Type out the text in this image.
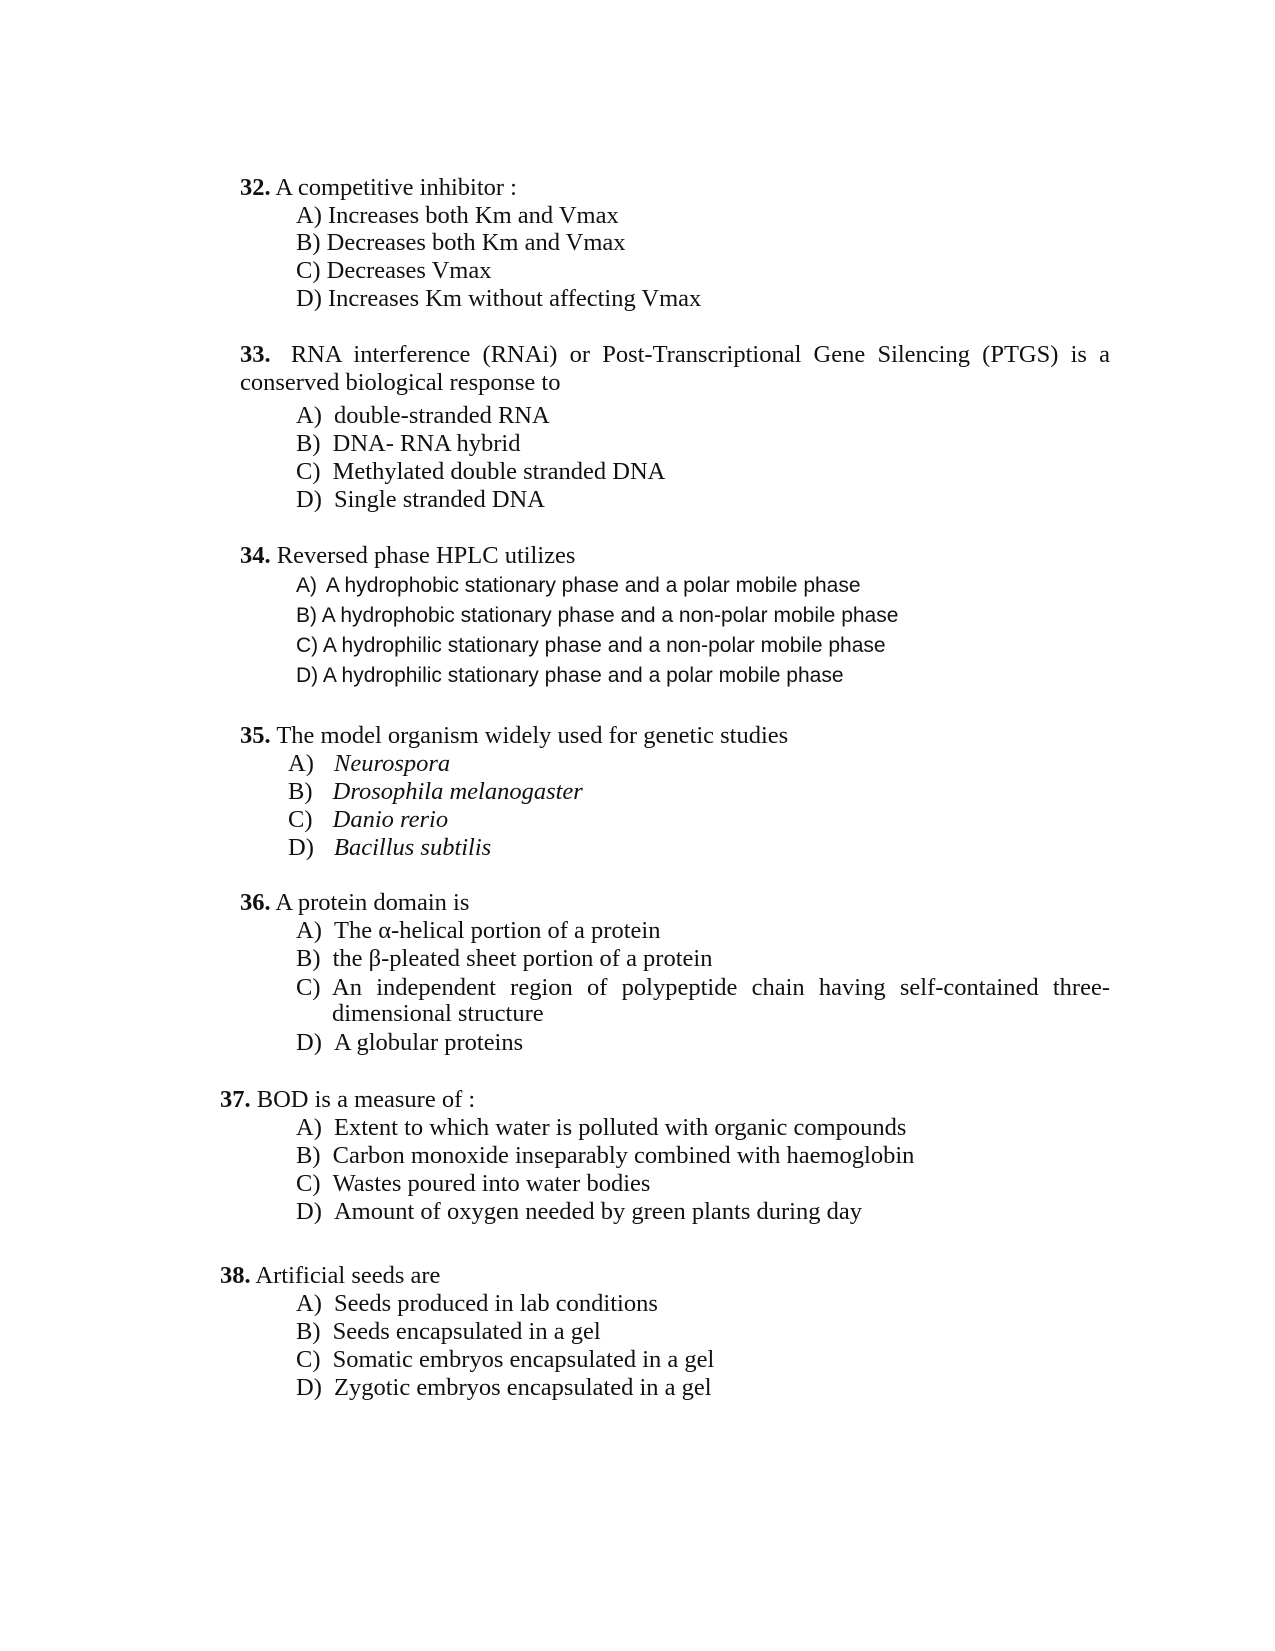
32. A competitive inhibitor :
A) Increases both Km and Vmax
B) Decreases both Km and Vmax
C) Decreases Vmax
D) Increases Km without affecting Vmax
33. RNA interference (RNAi) or Post-Transcriptional Gene Silencing (PTGS) is a conserved biological response to
A) double-stranded RNA
B) DNA- RNA hybrid
C) Methylated double stranded DNA
D) Single stranded DNA
34. Reversed phase HPLC utilizes
A) A hydrophobic stationary phase and a polar mobile phase
B) A hydrophobic stationary phase and a non-polar mobile phase
C) A hydrophilic stationary phase and a non-polar mobile phase
D) A hydrophilic stationary phase and a polar mobile phase
35. The model organism widely used for genetic studies
A) Neurospora
B) Drosophila melanogaster
C) Danio rerio
D) Bacillus subtilis
36. A protein domain is
A) The α-helical portion of a protein
B) the β-pleated sheet portion of a protein
C) An independent region of polypeptide chain having self-contained three-dimensional structure
D) A globular proteins
37. BOD is a measure of :
A) Extent to which water is polluted with organic compounds
B) Carbon monoxide inseparably combined with haemoglobin
C) Wastes poured into water bodies
D) Amount of oxygen needed by green plants during day
38. Artificial seeds are
A) Seeds produced in lab conditions
B) Seeds encapsulated in a gel
C) Somatic embryos encapsulated in a gel
D) Zygotic embryos encapsulated in a gel
